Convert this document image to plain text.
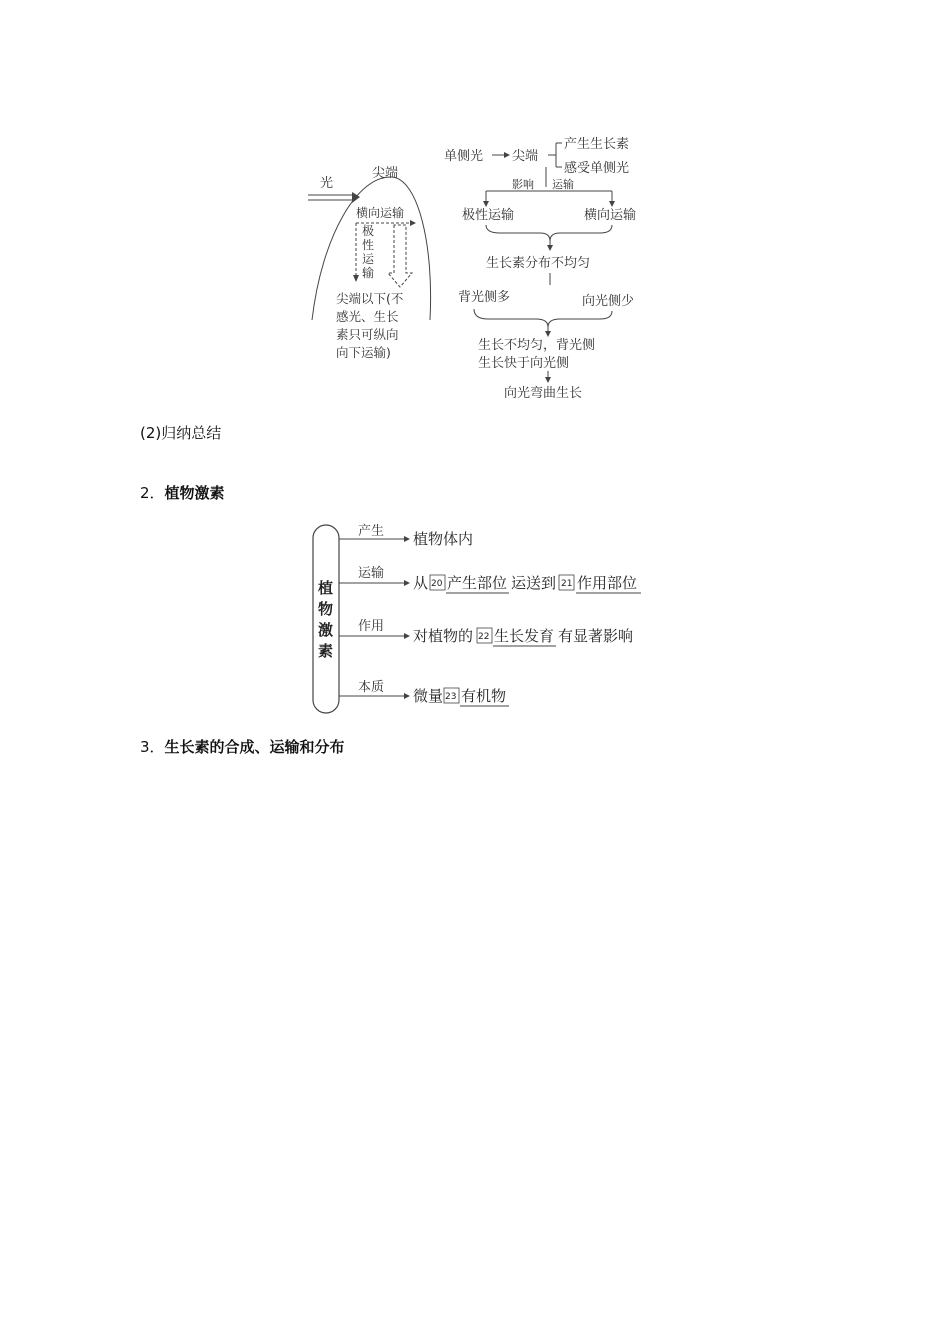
光
尖端
横向运输
极
性
运
输
尖端以下(不
感光、生长
素只可纵向
向下运输)
单侧光 尖端
产生生长素
感受单侧光
影响 运输
极性运输	横向运输
生长素分布不均匀
背光侧多	向光侧少
生长不均匀，背光侧
生长快于向光侧
向光弯曲生长
(2)归纳总结
2．植物激素
植
物
激
素
产生 植物体内
运输
从 20 产生部位 运送到 21 作用部位
作用
对植物的 22 生长发育 有显著影响
本质 微量 23 有机物
3．生长素的合成、运输和分布
